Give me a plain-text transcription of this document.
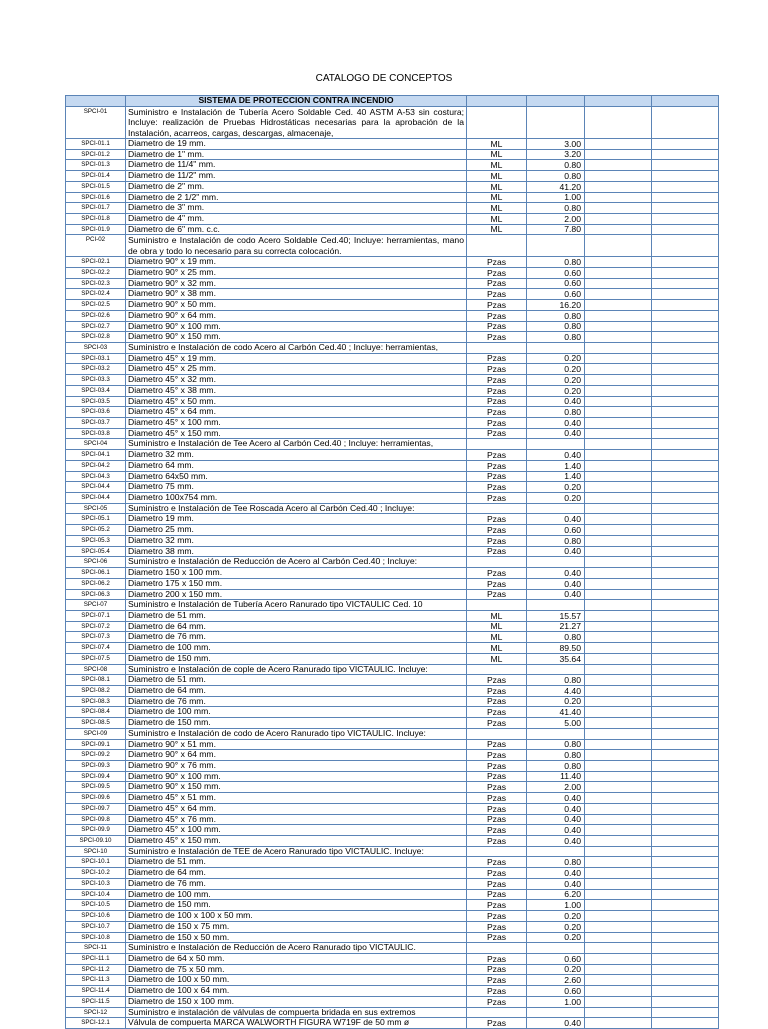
CATALOGO DE CONCEPTOS
	SISTEMA DE PROTECCION CONTRA INCENDIO				
SPCI-01	Suministro e Instalación de Tubería Acero Soldable Ced. 40 ASTM A-53 sin costura; Incluye: realización de Pruebas Hidrostáticas necesarias para la aprobación de la Instalación, acarreos, cargas, descargas, almacenaje,				
SPCI-01.1	Diametro de 19 mm.	ML	3.00		
SPCI-01.2	Diametro de 1" mm.	ML	3.20		
SPCI-01.3	Diametro de 11/4" mm.	ML	0.80		
SPCI-01.4	Diametro de 11/2" mm.	ML	0.80		
SPCI-01.5	Diametro de 2" mm.	ML	41.20		
SPCI-01.6	Diametro de 2 1/2" mm.	ML	1.00		
SPCI-01.7	Diametro de 3" mm.	ML	0.80		
SPCI-01.8	Diametro de 4" mm.	ML	2.00		
SPCI-01.9	Diametro de 6" mm. c.c.	ML	7.80		
PCI-02	Suministro e Instalación de codo Acero Soldable Ced.40; Incluye: herramientas, mano de obra y todo lo necesario para su correcta colocación.				
SPCI-02.1	Diametro 90° x 19 mm.	Pzas	0.80		
SPCI-02.2	Diametro 90° x 25 mm.	Pzas	0.60		
SPCI-02.3	Diametro 90° x 32 mm.	Pzas	0.60		
SPCI-02.4	Diametro 90° x 38 mm.	Pzas	0.60		
SPCI-02.5	Diametro 90° x 50 mm.	Pzas	16.20		
SPCI-02.6	Diametro 90° x 64 mm.	Pzas	0.80		
SPCI-02.7	Diametro 90° x 100 mm.	Pzas	0.80		
SPCI-02.8	Diametro 90° x 150 mm.	Pzas	0.80		
SPCI-03	Suministro e Instalación de codo Acero al Carbón Ced.40 ; Incluye: herramientas,				
SPCI-03.1	Diametro 45° x 19 mm.	Pzas	0.20		
SPCI-03.2	Diametro 45° x 25 mm.	Pzas	0.20		
SPCI-03.3	Diametro 45° x 32 mm.	Pzas	0.20		
SPCI-03.4	Diametro 45° x 38 mm.	Pzas	0.20		
SPCI-03.5	Diametro 45° x 50 mm.	Pzas	0.40		
SPCI-03.6	Diametro 45° x 64 mm.	Pzas	0.80		
SPCI-03.7	Diametro 45° x 100 mm.	Pzas	0.40		
SPCI-03.8	Diametro 45° x 150 mm.	Pzas	0.40		
SPCI-04	Suministro e Instalación de Tee Acero al Carbón Ced.40 ; Incluye: herramientas,				
SPCI-04.1	Diametro 32 mm.	Pzas	0.40		
SPCI-04.2	Diametro 64 mm.	Pzas	1.40		
SPCI-04.3	Diametro 64x50 mm.	Pzas	1.40		
SPCI-04.4	Diametro 75 mm.	Pzas	0.20		
SPCI-04.4	Diametro 100x754 mm.	Pzas	0.20		
SPCI-05	Suministro e Instalación de Tee Roscada Acero al Carbón Ced.40 ; Incluye:				
SPCI-05.1	Diametro 19 mm.	Pzas	0.40		
SPCI-05.2	Diametro 25 mm.	Pzas	0.60		
SPCI-05.3	Diametro 32 mm.	Pzas	0.80		
SPCI-05.4	Diametro 38 mm.	Pzas	0.40		
SPCI-06	Suministro e Instalación de Reducción de Acero al Carbón Ced.40 ; Incluye:				
SPCI-06.1	Diametro 150 x 100 mm.	Pzas	0.40		
SPCI-06.2	Diametro 175 x 150 mm.	Pzas	0.40		
SPCI-06.3	Diametro 200 x 150 mm.	Pzas	0.40		
SPCI-07	Suministro e Instalación de Tubería Acero Ranurado tipo VICTAULIC Ced. 10				
SPCI-07.1	Diametro de 51 mm.	ML	15.57		
SPCI-07.2	Diametro de 64 mm.	ML	21.27		
SPCI-07.3	Diametro de 76 mm.	ML	0.80		
SPCI-07.4	Diametro de 100 mm.	ML	89.50		
SPCI-07.5	Diametro de 150 mm.	ML	35.64		
SPCI-08	Suministro e Instalación de cople de Acero Ranurado tipo VICTAULIC. Incluye:				
SPCI-08.1	Diametro de 51 mm.	Pzas	0.80		
SPCI-08.2	Diametro de 64 mm.	Pzas	4.40		
SPCI-08.3	Diametro de 76 mm.	Pzas	0.20		
SPCI-08.4	Diametro de 100 mm.	Pzas	41.40		
SPCI-08.5	Diametro de 150 mm.	Pzas	5.00		
SPCI-09	Suministro e Instalación de codo de Acero Ranurado tipo VICTAULIC. Incluye:				
SPCI-09.1	Diametro 90° x 51 mm.	Pzas	0.80		
SPCI-09.2	Diametro 90° x 64 mm.	Pzas	0.80		
SPCI-09.3	Diametro 90° x 76 mm.	Pzas	0.80		
SPCI-09.4	Diametro 90° x 100 mm.	Pzas	11.40		
SPCI-09.5	Diametro 90° x 150 mm.	Pzas	2.00		
SPCI-09.6	Diametro 45° x 51 mm.	Pzas	0.40		
SPCI-09.7	Diametro 45° x 64 mm.	Pzas	0.40		
SPCI-09.8	Diametro 45° x 76 mm.	Pzas	0.40		
SPCI-09.9	Diametro 45° x 100 mm.	Pzas	0.40		
SPCI-09.10	Diametro 45° x 150 mm.	Pzas	0.40		
SPCI-10	Suministro e Instalación de TEE de Acero Ranurado tipo VICTAULIC. Incluye:				
SPCI-10.1	Diametro de 51 mm.	Pzas	0.80		
SPCI-10.2	Diametro de 64 mm.	Pzas	0.40		
SPCI-10.3	Diametro de 76 mm.	Pzas	0.40		
SPCI-10.4	Diametro de 100 mm.	Pzas	6.20		
SPCI-10.5	Diametro de 150 mm.	Pzas	1.00		
SPCI-10.6	Diametro de 100 x 100 x 50 mm.	Pzas	0.20		
SPCI-10.7	Diametro de 150 x 75 mm.	Pzas	0.20		
SPCI-10.8	Diametro de 150 x 50 mm.	Pzas	0.20		
SPCI-11	Suministro e Instalación de Reducción de Acero Ranurado tipo VICTAULIC.				
SPCI-11.1	Diametro de 64 x 50 mm.	Pzas	0.60		
SPCI-11.2	Diametro de 75 x 50 mm.	Pzas	0.20		
SPCI-11.3	Diametro de 100 x 50 mm.	Pzas	2.60		
SPCI-11.4	Diametro de 100 x 64 mm.	Pzas	0.60		
SPCI-11.5	Diametro de 150 x 100 mm.	Pzas	1.00		
SPCI-12	Suministro e instalación de válvulas de compuerta bridada en sus extremos				
SPCI-12.1	Válvula de compuerta MARCA WALWORTH FIGURA W719F de 50 mm ø	Pzas	0.40		
